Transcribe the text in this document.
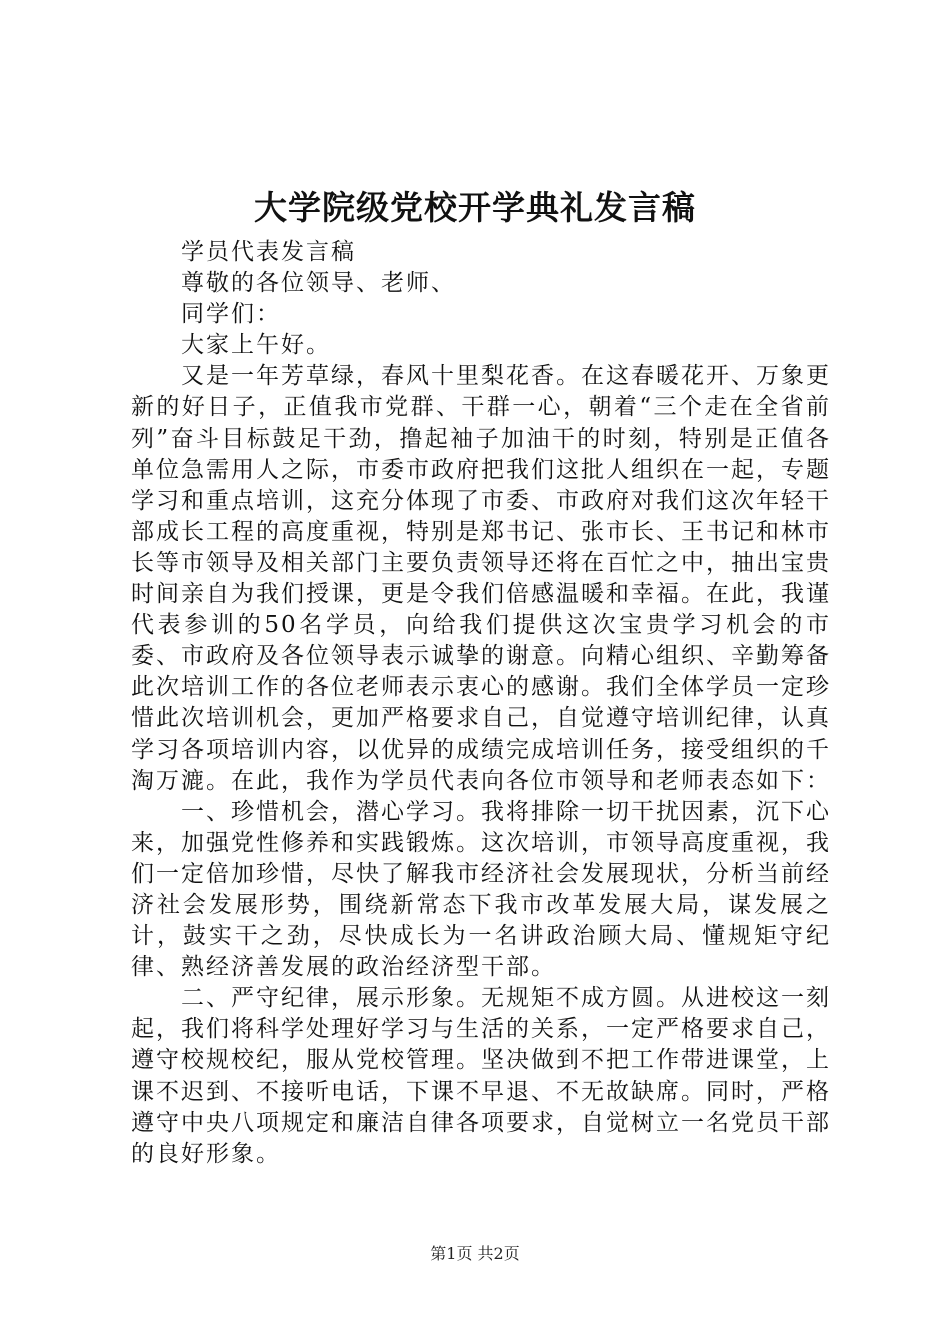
大学院级党校开学典礼发言稿

学员代表发言稿

尊敬的各位领导、老师、

同学们：

大家上午好。

又是一年芳草绿，春风十里梨花香。在这春暖花开、万象更新的好日子，正值我市党群、干群一心，朝着“三个走在全省前列”奋斗目标鼓足干劲，撸起袖子加油干的时刻，特别是正值各单位急需用人之际，市委市政府把我们这批人组织在一起，专题学习和重点培训，这充分体现了市委、市政府对我们这次年轻干部成长工程的高度重视，特别是郑书记、张市长、王书记和林市长等市领导及相关部门主要负责领导还将在百忙之中，抽出宝贵时间亲自为我们授课，更是令我们倍感温暖和幸福。在此，我谨代表参训的50名学员，向给我们提供这次宝贵学习机会的市委、市政府及各位领导表示诚挚的谢意。向精心组织、辛勤筹备此次培训工作的各位老师表示衷心的感谢。我们全体学员一定珍惜此次培训机会，更加严格要求自己，自觉遵守培训纪律，认真学习各项培训内容，以优异的成绩完成培训任务，接受组织的千淘万漉。在此，我作为学员代表向各位市领导和老师表态如下：

一、珍惜机会，潜心学习。我将排除一切干扰因素，沉下心来，加强党性修养和实践锻炼。这次培训，市领导高度重视，我们一定倍加珍惜，尽快了解我市经济社会发展现状，分析当前经济社会发展形势，围绕新常态下我市改革发展大局，谋发展之计，鼓实干之劲，尽快成长为一名讲政治顾大局、懂规矩守纪律、熟经济善发展的政治经济型干部。

二、严守纪律，展示形象。无规矩不成方圆。从进校这一刻起，我们将科学处理好学习与生活的关系，一定严格要求自己，遵守校规校纪，服从党校管理。坚决做到不把工作带进课堂，上课不迟到、不接听电话，下课不早退、不无故缺席。同时，严格遵守中央八项规定和廉洁自律各项要求，自觉树立一名党员干部的良好形象。

第1页 共2页
